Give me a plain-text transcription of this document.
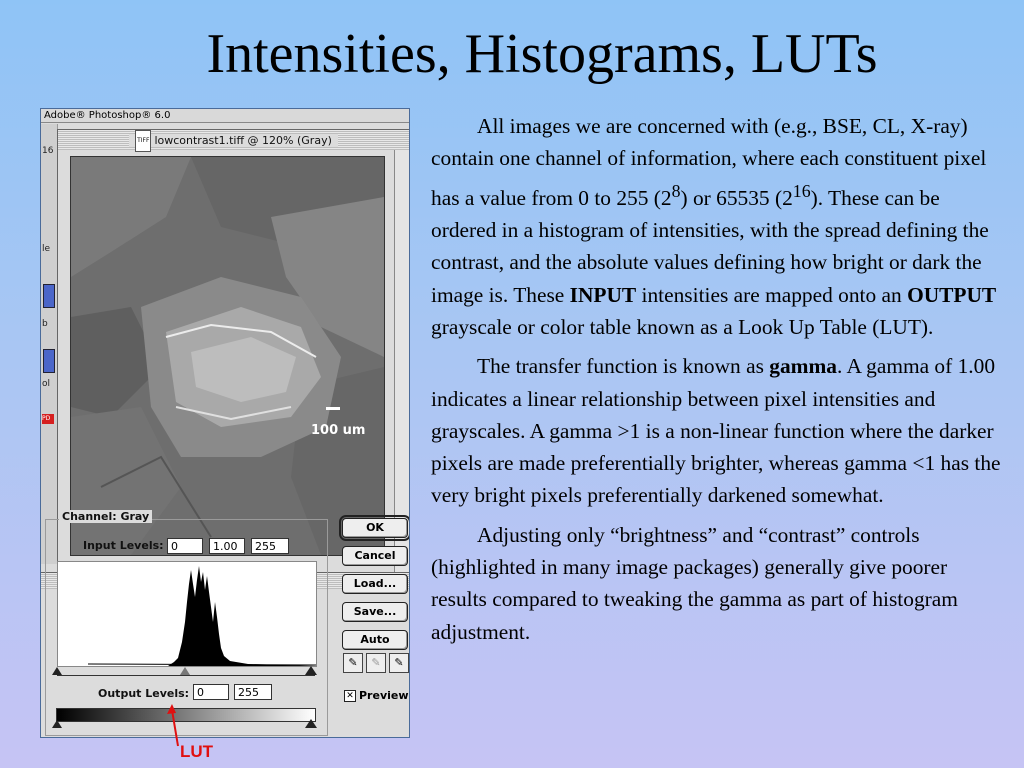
Intensities, Histograms, LUTs
Adobe® Photoshop® 6.0
16
le
b
ol
PD
TIFF lowcontrast1.tiff @ 120% (Gray)
100 um
Channel: Gray
Input Levels: 0	1.00	255
Output Levels: 0	255
OK
Cancel
Load...
Save...
Auto
✎	✎	✎
✕ Preview
LUT

All images we are concerned with (e.g., BSE, CL, X-ray) contain one channel of information, where each constituent pixel has a value from 0 to 255 $(2^8)$ or 65535 $(2^{16})$. These can be ordered in a histogram of intensities, with the spread defining the contrast, and the absolute values defining how bright or dark the image is. These INPUT intensities are mapped onto an OUTPUT grayscale or color table known as a Look Up Table (LUT).

The transfer function is known as gamma. A gamma of 1.00 indicates a linear relationship between pixel intensities and grayscales. A gamma >1 is a non-linear function where the darker pixels are made preferentially brighter, whereas gamma <1 has the very bright pixels preferentially darkened somewhat.

Adjusting only “brightness” and “contrast” controls (highlighted in many image packages) generally give poorer results compared to tweaking the gamma as part of histogram adjustment.
